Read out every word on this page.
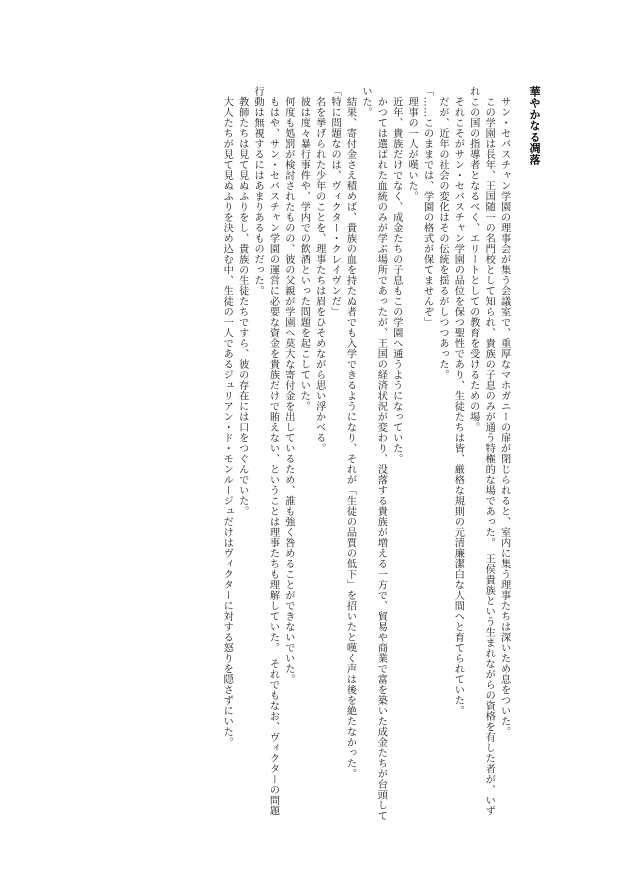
華やかなる凋落
　サン・セバスチャン学園の理事会が集う会議室で、重厚なマホガニーの扉が閉じられると、室内に集う理事たちは深いため息をついた。
　この学園は長年、王国随一の名門校として知られ、貴族の子息のみが通う特権的な場であった。　王侯貴族という生まれながらの資格を有した者が、いずれこの国の指導者となるべく、エリートとしての教育を受けるための場。
　それこそがサン・セバスチャン学園の品位を保つ聖性であり、生徒たちは皆、厳格な規則の元清廉潔白な人間へと育てられていた。
　だが、近年の社会の変化はその伝統を揺るがしつつあった。
「……このままでは、学園の格式が保てませんぞ」
　理事の一人が嘆いた。
　近年、貴族だけでなく、成金たちの子息もこの学園へ通うようになっていた。
　かつては選ばれた血統のみが学ぶ場所であったが、王国の経済状況が変わり、没落する貴族が増える一方で、貿易や商業で富を築いた成金たちが台頭していた。
　結果、寄付金さえ積めば、貴族の血を持たぬ者でも入学できるようになり、それが「生徒の品質の低下」を招いたと嘆く声は後を絶たなかった。
「特に問題なのは、ヴィクター・クレイヴンだ」
　名を挙げられた少年のことを、理事たちは眉をひそめながら思い浮かべる。
　彼は度々暴行事件や、学内での飲酒といった問題を起こしていた。
　何度も処罰が検討されたものの、彼の父親が学園へ莫大な寄付金を出しているため、誰も強く咎めることができないでいた。
　もはや、サン・セバスチャン学園の運営に必要な資金を貴族だけで賄えない、ということは理事たちも理解していた。　それでもなお、ヴィクターの問題行動は無視するにはあまりあるものだった。
　教師たちは見て見ぬふりをし、貴族の生徒たちですら、彼の存在には口をつぐんでいた。
　大人たちが見て見ぬふりを決め込む中、生徒の一人であるジュリアン・ド・モンルージュだけはヴィクターに対する怒りを隠さずにいた。
